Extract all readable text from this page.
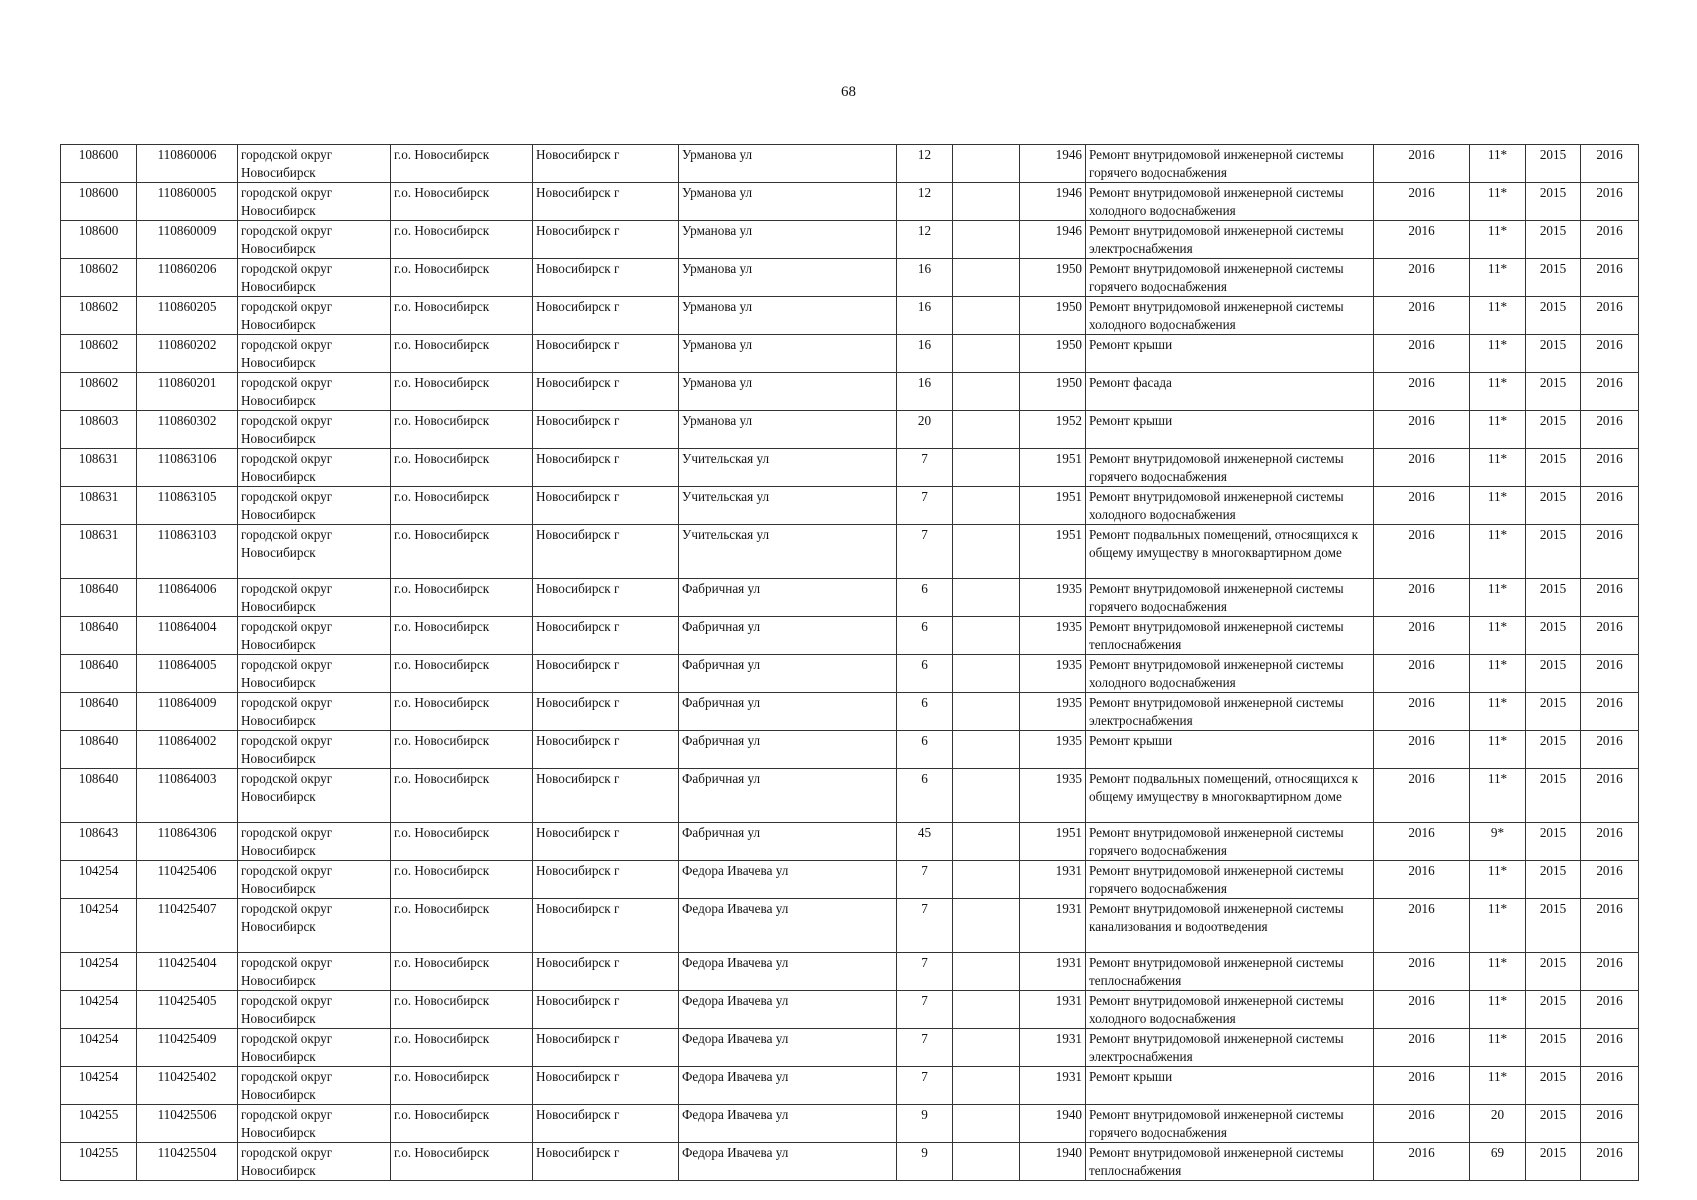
68
108600	110860006	городской округ Новосибирск	г.о. Новосибирск	Новосибирск г	Урманова ул	12		1946	Ремонт внутридомовой инженерной системы горячего водоснабжения	2016	11*	2015	2016
108600	110860005	городской округ Новосибирск	г.о. Новосибирск	Новосибирск г	Урманова ул	12		1946	Ремонт внутридомовой инженерной системы холодного водоснабжения	2016	11*	2015	2016
108600	110860009	городской округ Новосибирск	г.о. Новосибирск	Новосибирск г	Урманова ул	12		1946	Ремонт внутридомовой инженерной системы электроснабжения	2016	11*	2015	2016
108602	110860206	городской округ Новосибирск	г.о. Новосибирск	Новосибирск г	Урманова ул	16		1950	Ремонт внутридомовой инженерной системы горячего водоснабжения	2016	11*	2015	2016
108602	110860205	городской округ Новосибирск	г.о. Новосибирск	Новосибирск г	Урманова ул	16		1950	Ремонт внутридомовой инженерной системы холодного водоснабжения	2016	11*	2015	2016
108602	110860202	городской округ Новосибирск	г.о. Новосибирск	Новосибирск г	Урманова ул	16		1950	Ремонт крыши	2016	11*	2015	2016
108602	110860201	городской округ Новосибирск	г.о. Новосибирск	Новосибирск г	Урманова ул	16		1950	Ремонт фасада	2016	11*	2015	2016
108603	110860302	городской округ Новосибирск	г.о. Новосибирск	Новосибирск г	Урманова ул	20		1952	Ремонт крыши	2016	11*	2015	2016
108631	110863106	городской округ Новосибирск	г.о. Новосибирск	Новосибирск г	Учительская ул	7		1951	Ремонт внутридомовой инженерной системы горячего водоснабжения	2016	11*	2015	2016
108631	110863105	городской округ Новосибирск	г.о. Новосибирск	Новосибирск г	Учительская ул	7		1951	Ремонт внутридомовой инженерной системы холодного водоснабжения	2016	11*	2015	2016
108631	110863103	городской округ Новосибирск	г.о. Новосибирск	Новосибирск г	Учительская ул	7		1951	Ремонт подвальных помещений, относящихся к общему имуществу в многоквартирном доме	2016	11*	2015	2016
108640	110864006	городской округ Новосибирск	г.о. Новосибирск	Новосибирск г	Фабричная ул	6		1935	Ремонт внутридомовой инженерной системы горячего водоснабжения	2016	11*	2015	2016
108640	110864004	городской округ Новосибирск	г.о. Новосибирск	Новосибирск г	Фабричная ул	6		1935	Ремонт внутридомовой инженерной системы теплоснабжения	2016	11*	2015	2016
108640	110864005	городской округ Новосибирск	г.о. Новосибирск	Новосибирск г	Фабричная ул	6		1935	Ремонт внутридомовой инженерной системы холодного водоснабжения	2016	11*	2015	2016
108640	110864009	городской округ Новосибирск	г.о. Новосибирск	Новосибирск г	Фабричная ул	6		1935	Ремонт внутридомовой инженерной системы электроснабжения	2016	11*	2015	2016
108640	110864002	городской округ Новосибирск	г.о. Новосибирск	Новосибирск г	Фабричная ул	6		1935	Ремонт крыши	2016	11*	2015	2016
108640	110864003	городской округ Новосибирск	г.о. Новосибирск	Новосибирск г	Фабричная ул	6		1935	Ремонт подвальных помещений, относящихся к общему имуществу в многоквартирном доме	2016	11*	2015	2016
108643	110864306	городской округ Новосибирск	г.о. Новосибирск	Новосибирск г	Фабричная ул	45		1951	Ремонт внутридомовой инженерной системы горячего водоснабжения	2016	9*	2015	2016
104254	110425406	городской округ Новосибирск	г.о. Новосибирск	Новосибирск г	Федора Ивачева ул	7		1931	Ремонт внутридомовой инженерной системы горячего водоснабжения	2016	11*	2015	2016
104254	110425407	городской округ Новосибирск	г.о. Новосибирск	Новосибирск г	Федора Ивачева ул	7		1931	Ремонт внутридомовой инженерной системы канализования и водоотведения	2016	11*	2015	2016
104254	110425404	городской округ Новосибирск	г.о. Новосибирск	Новосибирск г	Федора Ивачева ул	7		1931	Ремонт внутридомовой инженерной системы теплоснабжения	2016	11*	2015	2016
104254	110425405	городской округ Новосибирск	г.о. Новосибирск	Новосибирск г	Федора Ивачева ул	7		1931	Ремонт внутридомовой инженерной системы холодного водоснабжения	2016	11*	2015	2016
104254	110425409	городской округ Новосибирск	г.о. Новосибирск	Новосибирск г	Федора Ивачева ул	7		1931	Ремонт внутридомовой инженерной системы электроснабжения	2016	11*	2015	2016
104254	110425402	городской округ Новосибирск	г.о. Новосибирск	Новосибирск г	Федора Ивачева ул	7		1931	Ремонт крыши	2016	11*	2015	2016
104255	110425506	городской округ Новосибирск	г.о. Новосибирск	Новосибирск г	Федора Ивачева ул	9		1940	Ремонт внутридомовой инженерной системы горячего водоснабжения	2016	20	2015	2016
104255	110425504	городской округ Новосибирск	г.о. Новосибирск	Новосибирск г	Федора Ивачева ул	9		1940	Ремонт внутридомовой инженерной системы теплоснабжения	2016	69	2015	2016
